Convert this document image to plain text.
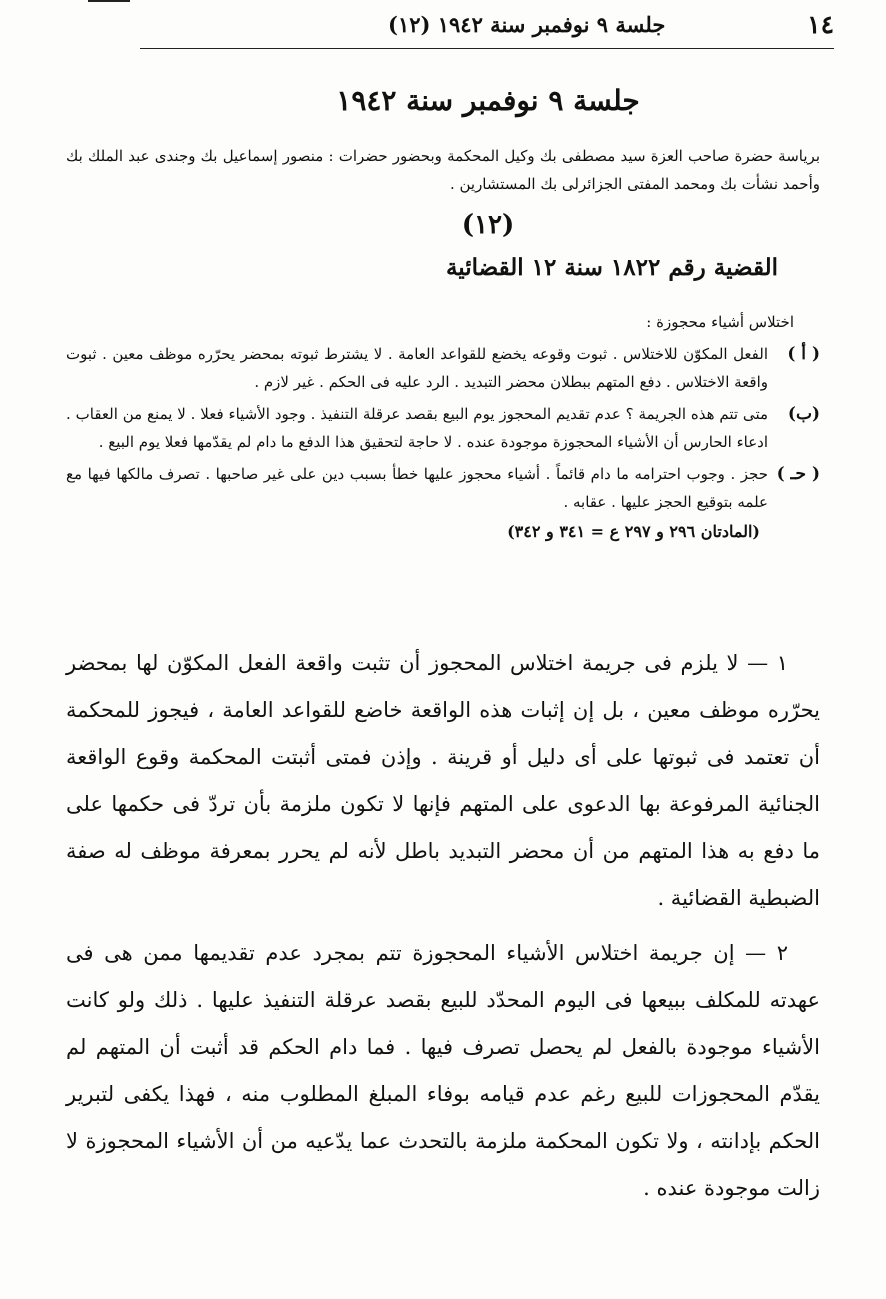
١٤
جلسة ٩ نوفمبر سنة ١٩٤٢ (١٢)
جلسة ٩ نوفمبر سنة ١٩٤٢
برياسة حضرة صاحب العزة سيد مصطفى بك وكيل المحكمة وبحضور حضرات : منصور إسماعيل بك وجندى عبد الملك بك وأحمد نشأت بك ومحمد المفتى الجزائرلى بك المستشارين .
(١٢)
القضية رقم ١٨٢٢ سنة ١٢ القضائية
اختلاس أشياء محجوزة :
( أ )
الفعل المكوّن للاختلاس . ثبوت وقوعه يخضع للقواعد العامة . لا يشترط ثبوته بمحضر يحرّره موظف معين . ثبوت واقعة الاختلاس . دفع المتهم ببطلان محضر التبديد . الرد عليه فى الحكم . غير لازم .
(ب)
متى تتم هذه الجريمة ؟ عدم تقديم المحجوز يوم البيع بقصد عرقلة التنفيذ . وجود الأشياء فعلا . لا يمنع من العقاب . ادعاء الحارس أن الأشياء المحجوزة موجودة عنده . لا حاجة لتحقيق هذا الدفع ما دام لم يقدّمها فعلا يوم البيع .
( حـ )
حجز . وجوب احترامه ما دام قائماً . أشياء محجوز عليها خطأ بسبب دين على غير صاحبها . تصرف مالكها فيها مع علمه بتوقيع الحجز عليها . عقابه .
(المادتان ٢٩٦ و ٢٩٧ ع = ٣٤١ و ٣٤٢)

١ — لا يلزم فى جريمة اختلاس المحجوز أن تثبت واقعة الفعل المكوّن لها بمحضر يحرّره موظف معين ، بل إن إثبات هذه الواقعة خاضع للقواعد العامة ، فيجوز للمحكمة أن تعتمد فى ثبوتها على أى دليل أو قرينة . وإذن فمتى أثبتت المحكمة وقوع الواقعة الجنائية المرفوعة بها الدعوى على المتهم فإنها لا تكون ملزمة بأن تردّ فى حكمها على ما دفع به هذا المتهم من أن محضر التبديد باطل لأنه لم يحرر بمعرفة موظف له صفة الضبطية القضائية .

٢ — إن جريمة اختلاس الأشياء المحجوزة تتم بمجرد عدم تقديمها ممن هى فى عهدته للمكلف ببيعها فى اليوم المحدّد للبيع بقصد عرقلة التنفيذ عليها . ذلك ولو كانت الأشياء موجودة بالفعل لم يحصل تصرف فيها . فما دام الحكم قد أثبت أن المتهم لم يقدّم المحجوزات للبيع رغم عدم قيامه بوفاء المبلغ المطلوب منه ، فهذا يكفى لتبرير الحكم بإدانته ، ولا تكون المحكمة ملزمة بالتحدث عما يدّعيه من أن الأشياء المحجوزة لا زالت موجودة عنده .
